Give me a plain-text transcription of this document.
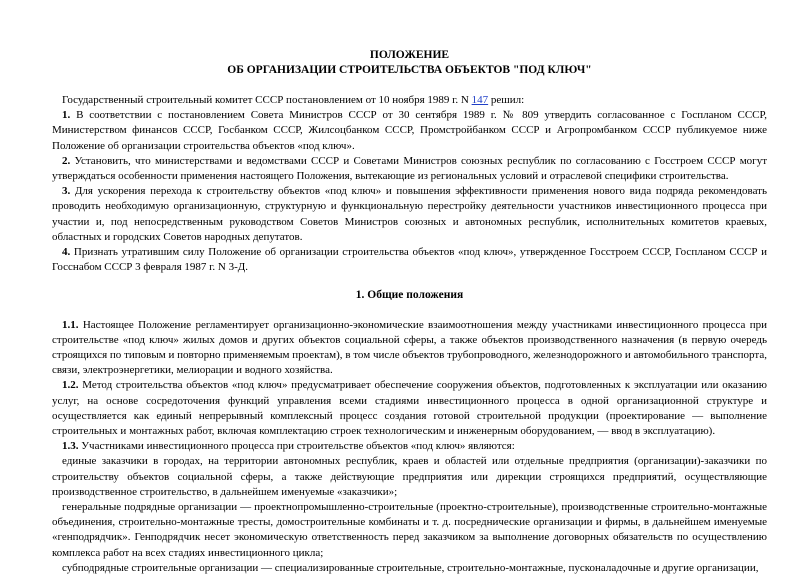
ПОЛОЖЕНИЕ
ОБ ОРГАНИЗАЦИИ СТРОИТЕЛЬСТВА ОБЪЕКТОВ "ПОД КЛЮЧ"

Государственный строительный комитет СССР постановлением от 10 ноября 1989 г. N 147 решил:

1. В соответствии с постановлением Совета Министров СССР от 30 сентября 1989 г. № 809 утвердить согласованное с Госпланом СССР, Министерством финансов СССР, Госбанком СССР, Жилсоцбанком СССР, Промстройбанком СССР и Агропромбанком СССР публикуемое ниже Положение об организации строительства объектов «под ключ».

2. Установить, что министерствами и ведомствами СССР и Советами Министров союзных республик по согласованию с Госстроем СССР могут утверждаться особенности применения настоящего Положения, вытекающие из региональных условий и отраслевой специфики строительства.

3. Для ускорения перехода к строительству объектов «под ключ» и повышения эффективности применения нового вида подряда рекомендовать проводить необходимую организационную, структурную и функциональную перестройку деятельности участников инвестиционного процесса при участии и, под непосредственным руководством Советов Министров союзных и автономных республик, исполнительных комитетов краевых, областных и городских Советов народных депутатов.

4. Признать утратившим силу Положение об организации строительства объектов «под ключ», утвержденное Госстроем СССР, Госпланом СССР и Госснабом СССР 3 февраля 1987 г. N 3-Д.

1. Общие положения

1.1. Настоящее Положение регламентирует организационно-экономические взаимоотношения между участниками инвестиционного процесса при строительстве «под ключ» жилых домов и других объектов социальной сферы, а также объектов производственного назначения (в первую очередь строящихся по типовым и повторно применяемым проектам), в том числе объектов трубопроводного, железнодорожного и автомобильного транспорта, связи, электроэнергетики, мелиорации и водного хозяйства.

1.2. Метод строительства объектов «под ключ» предусматривает обеспечение сооружения объектов, подготовленных к эксплуатации или оказанию услуг, на основе сосредоточения функций управления всеми стадиями инвестиционного процесса в одной организационной структуре и осуществляется как единый непрерывный комплексный процесс создания готовой строительной продукции (проектирование — выполнение строительных и монтажных работ, включая комплектацию строек технологическим и инженерным оборудованием, — ввод в эксплуатацию).

1.3. Участниками инвестиционного процесса при строительстве объектов «под ключ» являются:

единые заказчики в городах, на территории автономных республик, краев и областей или отдельные предприятия (организации)-заказчики по строительству объектов социальной сферы, а также действующие предприятия или дирекции строящихся предприятий, осуществляющие производственное строительство, в дальнейшем именуемые «заказчики»;

генеральные подрядные организации — проектнопромышленно-строительные (проектно-строительные), производственные строительно-монтажные объединения, строительно-монтажные тресты, домостроительные комбинаты и т. д. посреднические организации и фирмы, в дальнейшем именуемые «генподрядчик». Генподрядчик несет экономическую ответственность перед заказчиком за выполнение договорных обязательств по осуществлению комплекса работ на всех стадиях инвестиционного цикла;

субподрядные строительные организации — специализированные строительные, строительно-монтажные, пусконаладочные и другие организации,
